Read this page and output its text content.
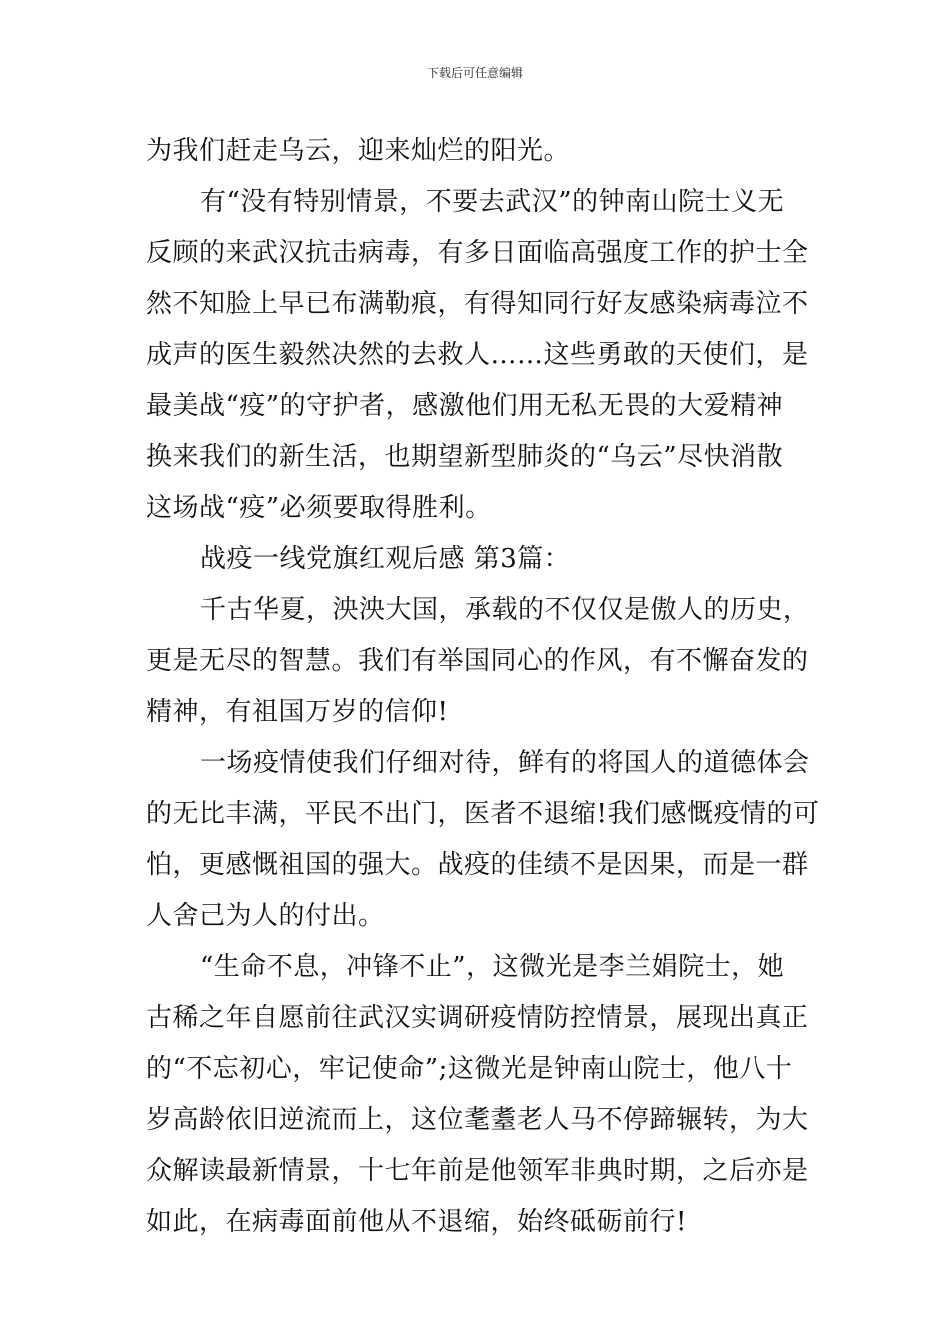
下载后可任意编辑
为我们赶走乌云，迎来灿烂的阳光。
有“没有特别情景，不要去武汉”的钟南山院士义无
反顾的来武汉抗击病毒，有多日面临高强度工作的护士全
然不知脸上早已布满勒痕，有得知同行好友感染病毒泣不
成声的医生毅然决然的去救人……这些勇敢的天使们，是
最美战“疫”的守护者，感激他们用无私无畏的大爱精神
换来我们的新生活，也期望新型肺炎的“乌云”尽快消散
这场战“疫”必须要取得胜利。
战疫一线党旗红观后感 第3篇：
千古华夏，泱泱大国，承载的不仅仅是傲人的历史，
更是无尽的智慧。我们有举国同心的作风，有不懈奋发的
精神，有祖国万岁的信仰!
一场疫情使我们仔细对待，鲜有的将国人的道德体会
的无比丰满，平民不出门，医者不退缩!我们感慨疫情的可
怕，更感慨祖国的强大。战疫的佳绩不是因果，而是一群
人舍己为人的付出。
“生命不息，冲锋不止”，这微光是李兰娟院士，她
古稀之年自愿前往武汉实调研疫情防控情景，展现出真正
的“不忘初心，牢记使命”;这微光是钟南山院士，他八十
岁高龄依旧逆流而上，这位耄耋老人马不停蹄辗转，为大
众解读最新情景，十七年前是他领军非典时期，之后亦是
如此，在病毒面前他从不退缩，始终砥砺前行!
